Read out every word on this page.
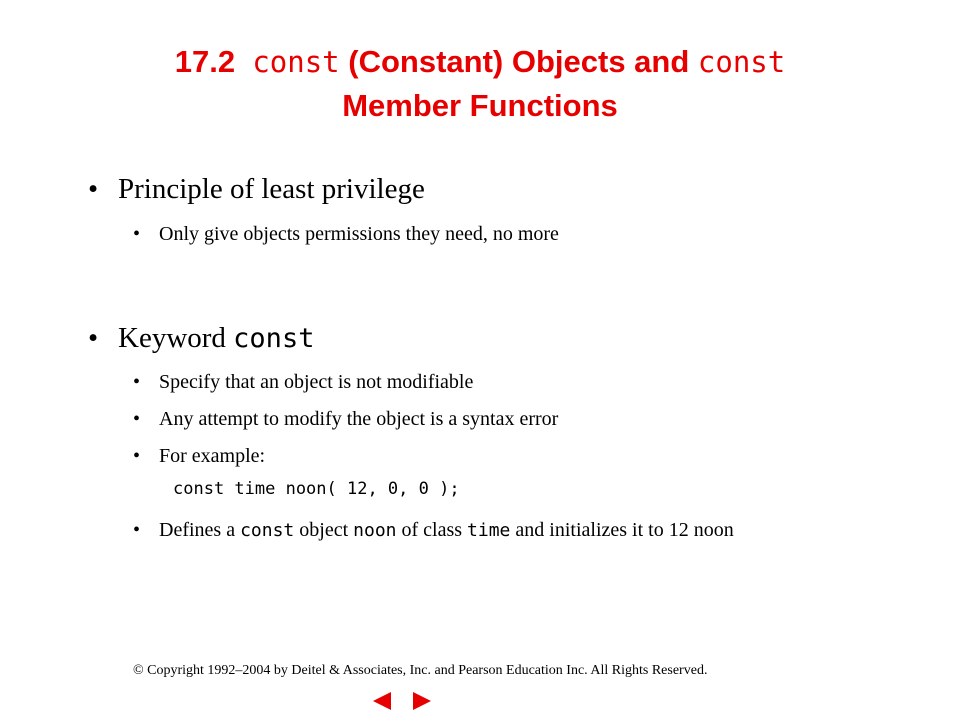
17.2 const (Constant) Objects and const
Member Functions
• Principle of least privilege
• Only give objects permissions they need, no more
• Keyword const
• Specify that an object is not modifiable
• Any attempt to modify the object is a syntax error
• For example:
const time noon( 12, 0, 0 );
• Defines a const object noon of class time and initializes it to 12 noon
© Copyright 1992–2004 by Deitel & Associates, Inc. and Pearson Education Inc. All Rights Reserved.
